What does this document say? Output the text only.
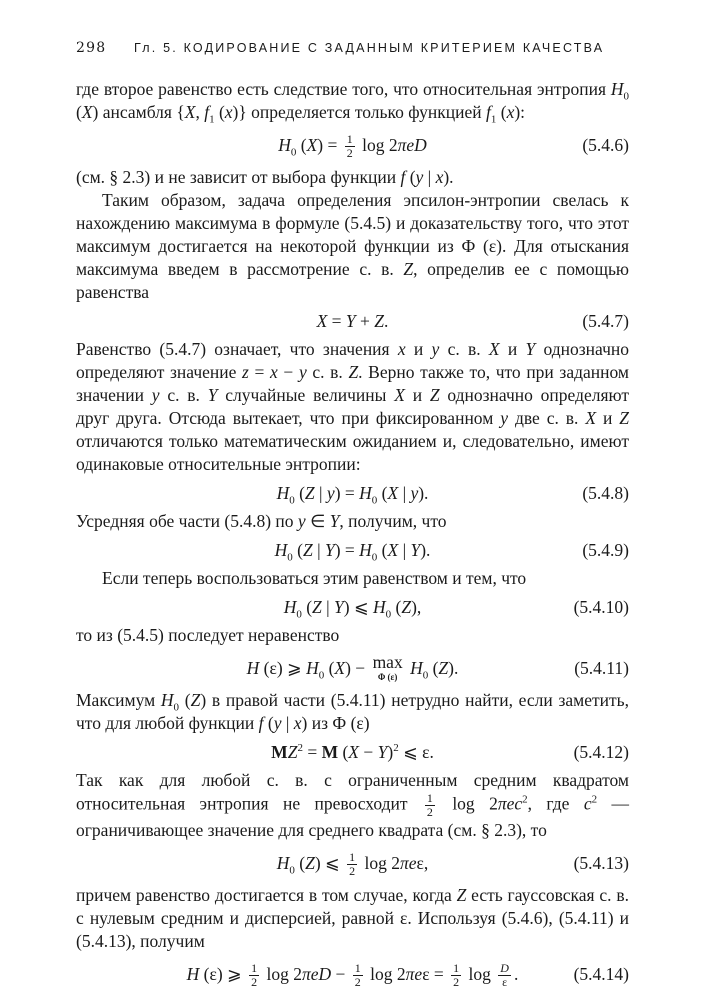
298 Гл. 5. КОДИРОВАНИЕ С ЗАДАННЫМ КРИТЕРИЕМ КАЧЕСТВА

где второе равенство есть следствие того, что относительная энтропия $H_0$ (X) ансамбля {X, $f_1$ (x)} определяется только функцией $f_1$ (x):

$H_0$ $(X) = \frac{1}{2}$ log 2πeD	(5.4.6)

(см. § 2.3) и не зависит от выбора функции f (y | x).

Таким образом, задача определения эпсилон-энтропии свелась к нахождению максимума в формуле (5.4.5) и доказательству того, что этот максимум достигается на некоторой функции из Ф (ε). Для отыскания максимума введем в рассмотрение с. в. Z, определив ее с помощью равенства

X = Y + Z.	(5.4.7)

Равенство (5.4.7) означает, что значения x и y с. в. X и Y однозначно определяют значение z = x − y с. в. Z. Верно также то, что при заданном значении y с. в. Y случайные величины X и Z однозначно определяют друг друга. Отсюда вытекает, что при фиксированном y две с. в. X и Z отличаются только математическим ожиданием и, следовательно, имеют одинаковые относительные энтропии:

$H_0$ (Z | $y) = H_0$ (X | y).	(5.4.8)

Усредняя обе части (5.4.8) по y ∈ Y, получим, что

$H_0$ (Z | $Y) = H_0$ (X | Y).	(5.4.9)

Если теперь воспользоваться этим равенством и тем, что

$H_0$ (Z | Y) ⩽ $H_0$ (Z),	(5.4.10)

то из (5.4.5) последует неравенство

H (ε) ⩾ $H_0$ (X) − max
Φ (ε) $H_0$ (Z).	(5.4.11)

Максимум $H_0$ (Z) в правой части (5.4.11) нетрудно найти, если заметить, что для любой функции f (y | x) из Ф (ε)

$MZ^2 = M$ $(X - Y)^2$ ⩽ ε.	(5.4.12)

Так как для любой с. в. с ограниченным средним квадратом относительная энтропия не превосходит $\frac{1}{2}$ log 2πec$^2$, где $c^2$ — ограничивающее значение для среднего квадрата (см. § 2.3), то

$H_0$ (Z) ⩽ $\frac{1}{2}$ log 2πeε,	(5.4.13)

причем равенство достигается в том случае, когда Z есть гауссовская с. в. с нулевым средним и дисперсией, равной ε. Используя (5.4.6), (5.4.11) и (5.4.13), получим

H (ε) ⩾ $\frac{1}{2}$ $\log 2\pi eD - \frac{1}{2}$ $\log 2\pi e\varepsilon = \frac{1}{2}$ $\log \frac{D}{\varepsilon}$ .	(5.4.14)
